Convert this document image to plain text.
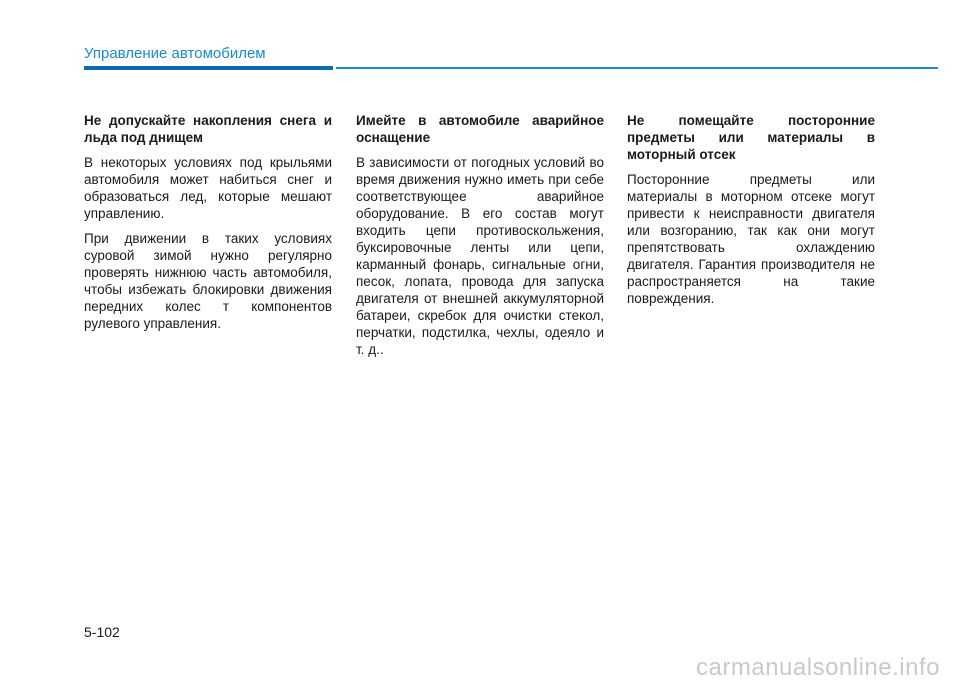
Управление автомобилем

Не допускайте накопления снега и льда под днищем

В некоторых условиях под крыльями автомобиля может набиться снег и образоваться лед, которые мешают управлению.

При движении в таких условиях суровой зимой нужно регулярно проверять нижнюю часть автомобиля, чтобы избежать блокировки движения передних колес т компонентов рулевого управления.

Имейте в автомобиле аварийное оснащение

В зависимости от погодных условий во время движения нужно иметь при себе соответствующее аварийное оборудование. В его состав могут входить цепи противоскольжения, буксировочные ленты или цепи, карманный фонарь, сигнальные огни, песок, лопата, провода для запуска двигателя от внешней аккумуляторной батареи, скребок для очистки стекол, перчатки, подстилка, чехлы, одеяло и т. д..

Не помещайте посторонние предметы или материалы в моторный отсек

Посторонние предметы или материалы в моторном отсеке могут привести к неисправности двигателя или возгоранию, так как они могут препятствовать охлаждению двигателя. Гарантия производителя не распространяется на такие повреждения.

5-102
carmanualsonline.info
